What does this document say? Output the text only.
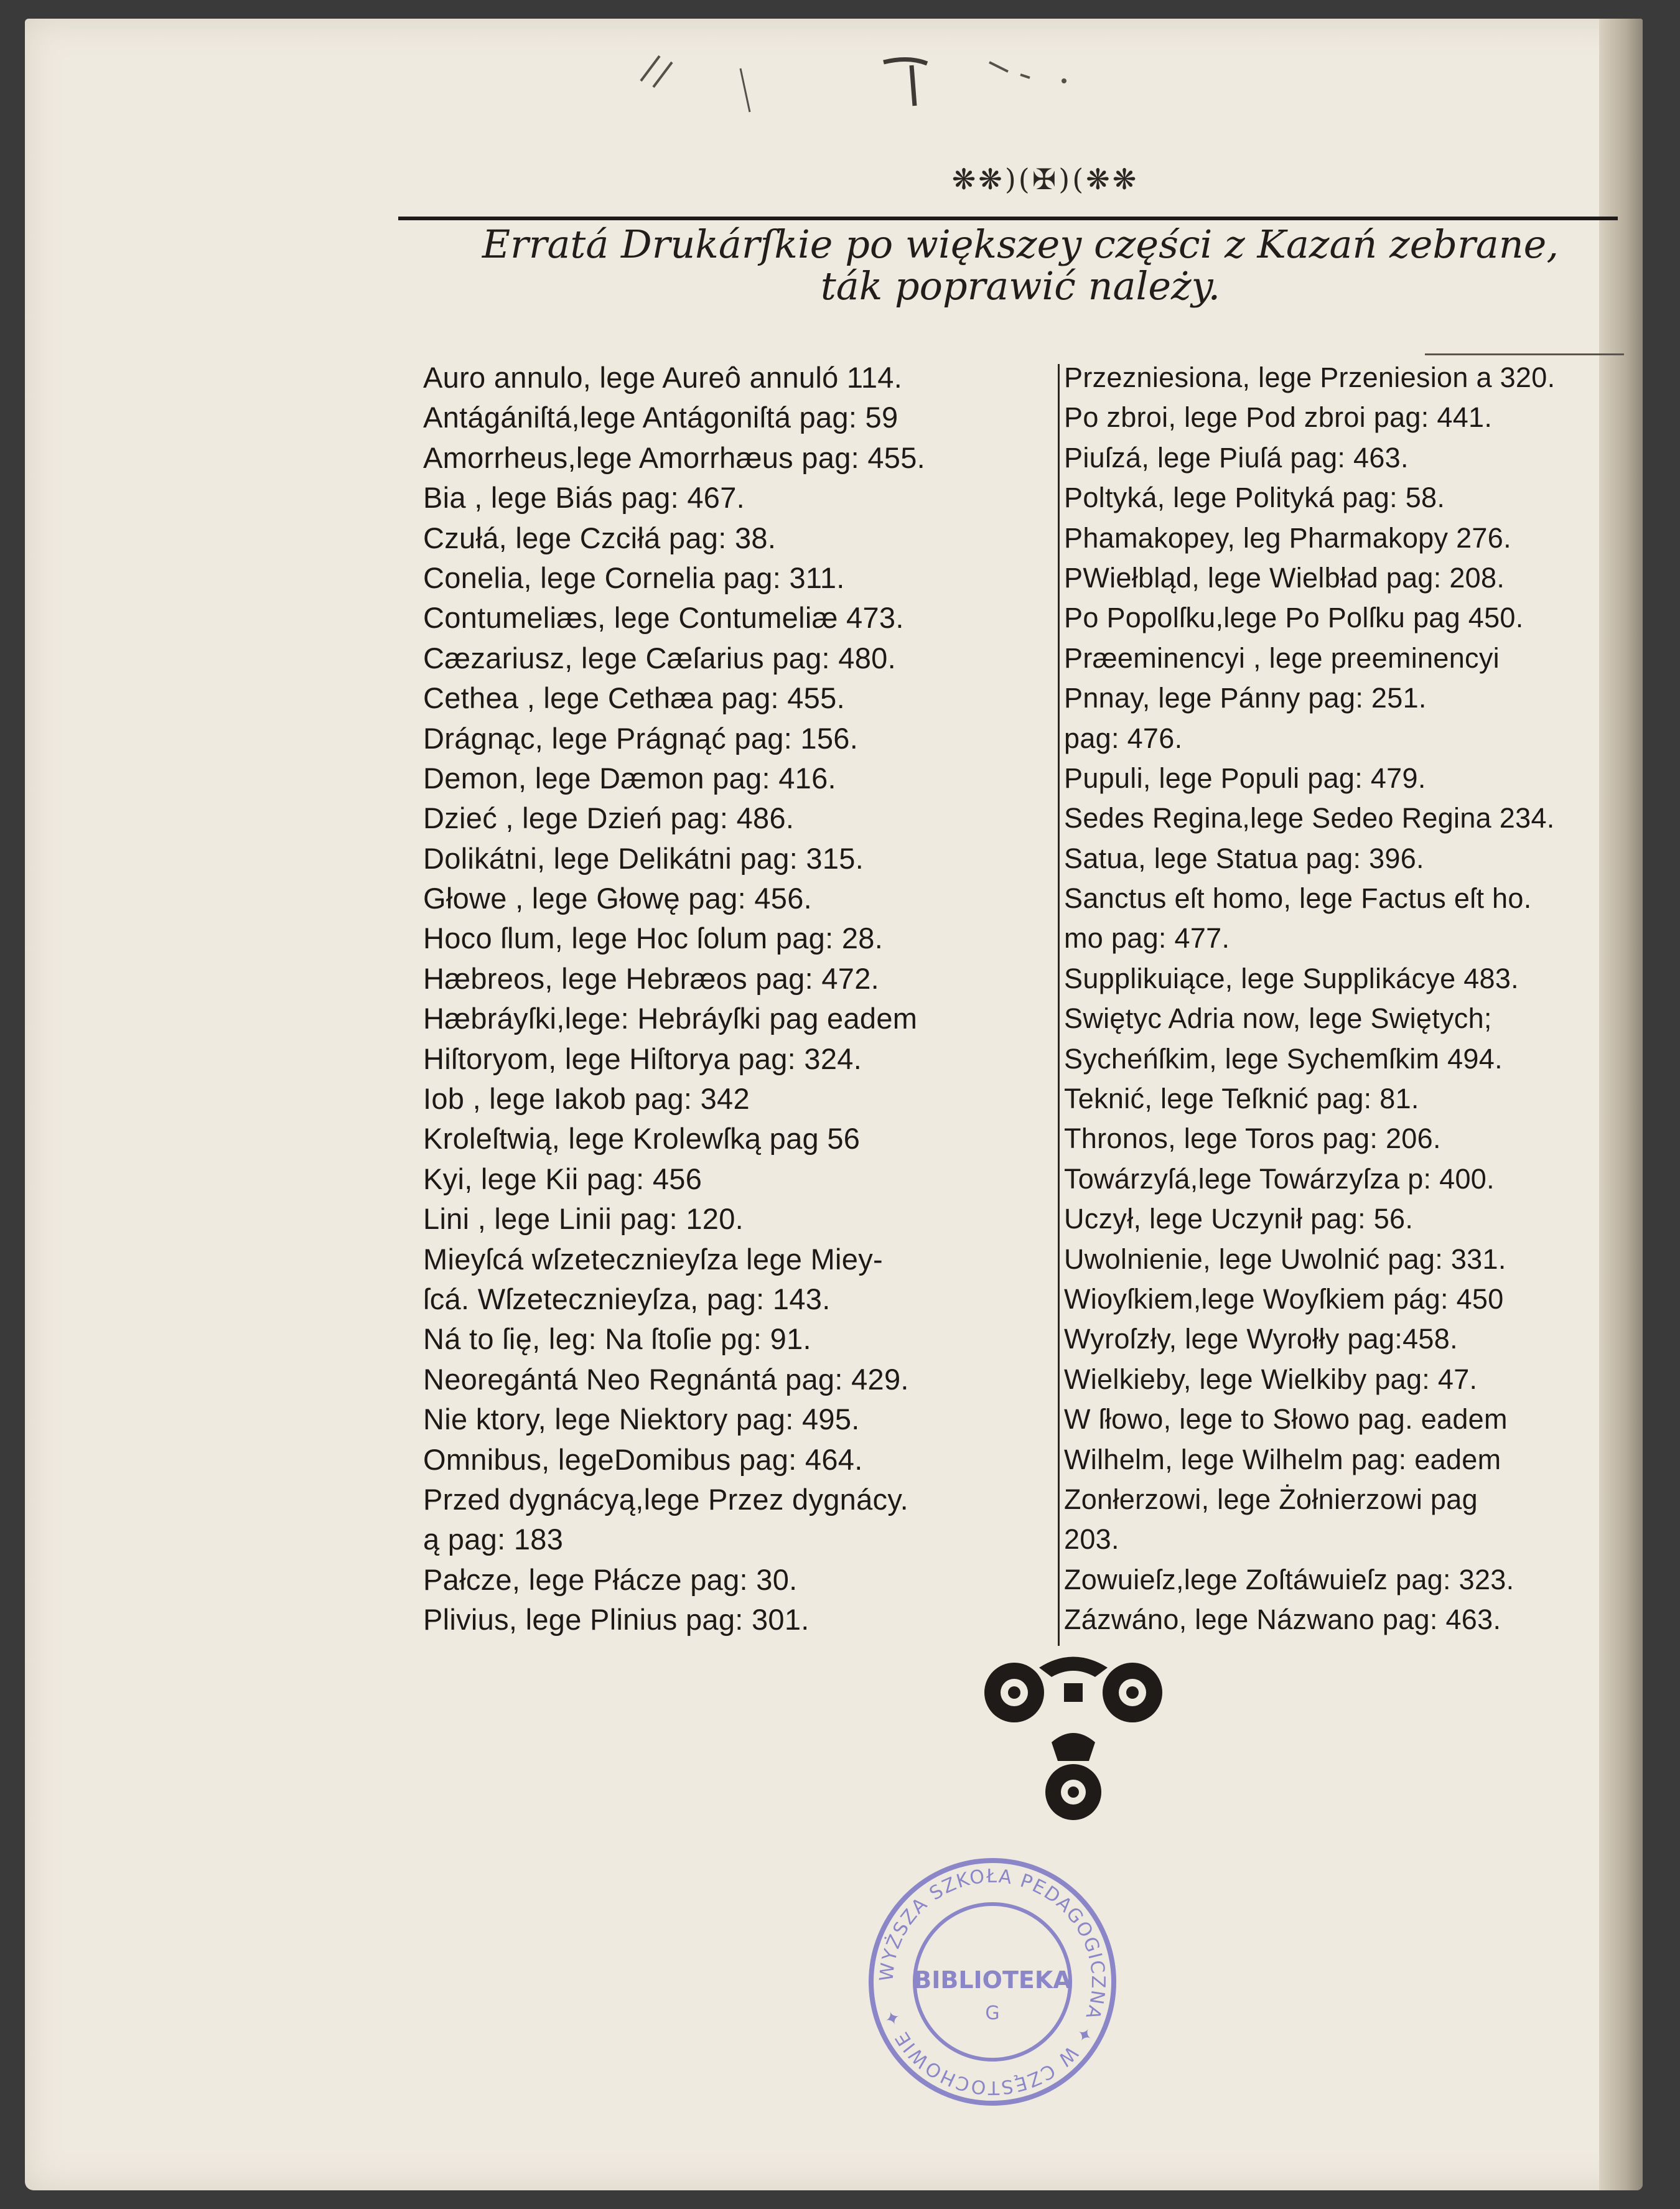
❋❋)(✠)(❋❋
Erratá Drukárſkie po większey części z Kazań zebrane,
ták poprawić należy.
Auro annulo, lege Aureô annuló 114.
Antágániſtá,lege Antágoniſtá pag: 59
Amorrheus,lege Amorrhæus pag: 455.
Bia , lege Biás pag: 467.
Czułá, lege Czciłá pag: 38.
Conelia, lege Cornelia pag: 311.
Contumeliæs, lege Contumeliæ 473.
Cæzariusz, lege Cæſarius pag: 480.
Cethea , lege Cethæa pag: 455.
Drágnąc, lege Prágnąć pag: 156.
Demon, lege Dæmon pag: 416.
Dzieć , lege Dzień pag: 486.
Dolikátni, lege Delikátni pag: 315.
Głowe , lege Głowę pag: 456.
Hoco ſlum, lege Hoc ſolum pag: 28.
Hæbreos, lege Hebræos pag: 472.
Hæbráyſki,lege: Hebráyſki pag eadem
Hiſtoryom, lege Hiſtorya pag: 324.
Iob , lege Iakob pag: 342
Kroleſtwią, lege Krolewſką pag 56
Kyi, lege Kii pag: 456
Lini , lege Linii pag: 120.
Mieyſcá wſzetecznieyſza lege Miey-
ſcá. Wſzetecznieyſza, pag: 143.
Ná to ſię, leg: Na ſtoſie pg: 91.
Neoregántá Neo Regnántá pag: 429.
Nie ktory, lege Niektory pag: 495.
Omnibus, legeDomibus pag: 464.
Przed dygnácyą,lege Przez dygnácy.
ą pag: 183
Pałcze, lege Płácze pag: 30.
Plivius, lege Plinius pag: 301.
Przezniesiona, lege Przeniesion a 320.
Po zbroi, lege Pod zbroi pag: 441.
Piuſzá, lege Piuſá pag: 463.
Poltyká, lege Polityká pag: 58.
Phamakopey, leg Pharmakopy 276.
PWiełbląd, lege Wielbład pag: 208.
Po Popolſku,lege Po Polſku pag 450.
Præeminencyi , lege preeminencyi
Pnnay, lege Pánny pag: 251.
pag: 476.
Pupuli, lege Populi pag: 479.
Sedes Regina,lege Sedeo Regina 234.
Satua, lege Statua pag: 396.
Sanctus eſt homo, lege Factus eſt ho.
mo pag: 477.
Supplikuiące, lege Supplikácye 483.
Swiętyc Adria now, lege Swiętych;
Sycheńſkim, lege Sychemſkim 494.
Teknić, lege Teſknić pag: 81.
Thronos, lege Toros pag: 206.
Towárzyſá,lege Towárzyſza p: 400.
Uczył, lege Uczynił pag: 56.
Uwolnienie, lege Uwolnić pag: 331.
Wioyſkiem,lege Woyſkiem pág: 450
Wyroſzły, lege Wyrołły pag:458.
Wielkieby, lege Wielkiby pag: 47.
W ſłowo, lege to Słowo pag. eadem
Wilhelm, lege Wilhelm pag: eadem
Zonłerzowi, lege Żołnierzowi pag
203.
Zowuieſz,lege Zoſtáwuieſz pag: 323.
Zázwáno, lege Názwano pag: 463.
WYŻSZA SZKOŁA PEDAGOGICZNA ✦ W CZĘSTOCHOWIE ✦
BIBLIOTEKA
G
